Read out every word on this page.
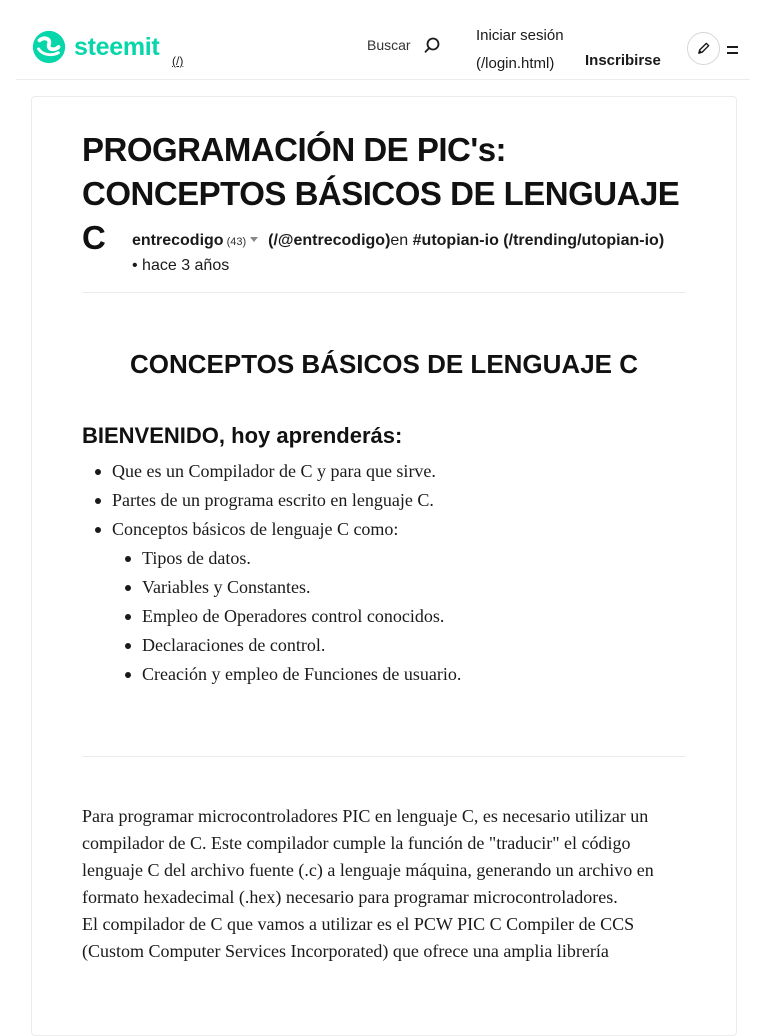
steemit
(/)
Buscar
Iniciar sesión (/login.html)	Inscribirse
PROGRAMACIÓN DE PIC's: CONCEPTOS BÁSICOS DE LENGUAJE C	entrecodigo (43) (/@entrecodigo)en #utopian-io (/trending/utopian-io)
• hace 3 años
CONCEPTOS BÁSICOS DE LENGUAJE C
BIENVENIDO, hoy aprenderás:
Que es un Compilador de C y para que sirve.
Partes de un programa escrito en lenguaje C.
Conceptos básicos de lenguaje C como:
Tipos de datos.
Variables y Constantes.
Empleo de Operadores control conocidos.
Declaraciones de control.
Creación y empleo de Funciones de usuario.

Para programar microcontroladores PIC en lenguaje C, es necesario utilizar un compilador de C. Este compilador cumple la función de "traducir" el código lenguaje C del archivo fuente (.c) a lenguaje máquina, generando un archivo en formato hexadecimal (.hex) necesario para programar microcontroladores.

El compilador de C que vamos a utilizar es el PCW PIC C Compiler de CCS (Custom Computer Services Incorporated) que ofrece una amplia librería
